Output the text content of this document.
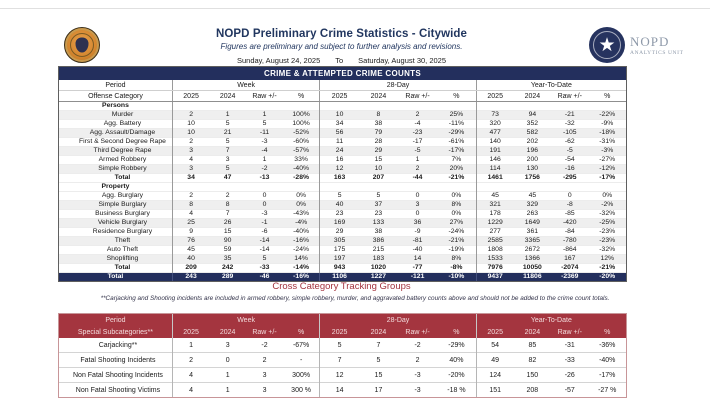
NOPD Preliminary Crime Statistics - Citywide
Figures are preliminary and subject to further analysis and revisions.
Sunday, August 24, 2025 To Saturday, August 30, 2025
★	NOPD
ANALYTICS UNIT
CRIME & ATTEMPTED CRIME COUNTS
Period	Week				28-Day				Year-To-Date			
Offense Category	2025	2024	Raw +/-	%	2025	2024	Raw +/-	%	2025	2024	Raw +/-	%
Persons												
Murder	2	1	1	100%	10	8	2	25%	73	94	-21	-22%
Agg. Battery	10	5	5	100%	34	38	-4	-11%	320	352	-32	-9%
Agg. Assault/Damage	10	21	-11	-52%	56	79	-23	-29%	477	582	-105	-18%
First & Second Degree Rape	2	5	-3	-60%	11	28	-17	-61%	140	202	-62	-31%
Third Degree Rape	3	7	-4	-57%	24	29	-5	-17%	191	196	-5	-3%
Armed Robbery	4	3	1	33%	16	15	1	7%	146	200	-54	-27%
Simple Robbery	3	5	-2	-40%	12	10	2	20%	114	130	-16	-12%
Total	34	47	-13	-28%	163	207	-44	-21%	1461	1756	-295	-17%
Property												
Agg. Burglary	2	2	0	0%	5	5	0	0%	45	45	0	0%
Simple Burglary	8	8	0	0%	40	37	3	8%	321	329	-8	-2%
Business Burglary	4	7	-3	-43%	23	23	0	0%	178	263	-85	-32%
Vehicle Burglary	25	26	-1	-4%	169	133	36	27%	1229	1649	-420	-25%
Residence Burglary	9	15	-6	-40%	29	38	-9	-24%	277	361	-84	-23%
Theft	76	90	-14	-16%	305	386	-81	-21%	2585	3365	-780	-23%
Auto Theft	45	59	-14	-24%	175	215	-40	-19%	1808	2672	-864	-32%
Shoplifting	40	35	5	14%	197	183	14	8%	1533	1366	167	12%
Total	209	242	-33	-14%	943	1020	-77	-8%	7976	10050	-2074	-21%
Total	243	289	-46	-16%	1106	1227	-121	-10%	9437	11806	-2369	-20%
Cross Category Tracking Groups
**Carjacking and Shooting incidents are included in armed robbery, simple robbery, murder, and aggravated battery counts above and should not be added to the crime count totals.
Period	Week				28-Day				Year-To-Date			
Special Subcategories**	2025	2024	Raw +/-	%	2025	2024	Raw +/-	%	2025	2024	Raw +/-	%
Carjacking**	1	3	-2	-67%	5	7	-2	-29%	54	85	-31	-36%
Fatal Shooting Incidents	2	0	2	-	7	5	2	40%	49	82	-33	-40%
Non Fatal Shooting Incidents	4	1	3	300%	12	15	-3	-20%	124	150	-26	-17%
Non Fatal Shooting Victims	4	1	3	300 %	14	17	-3	-18 %	151	208	-57	-27 %
